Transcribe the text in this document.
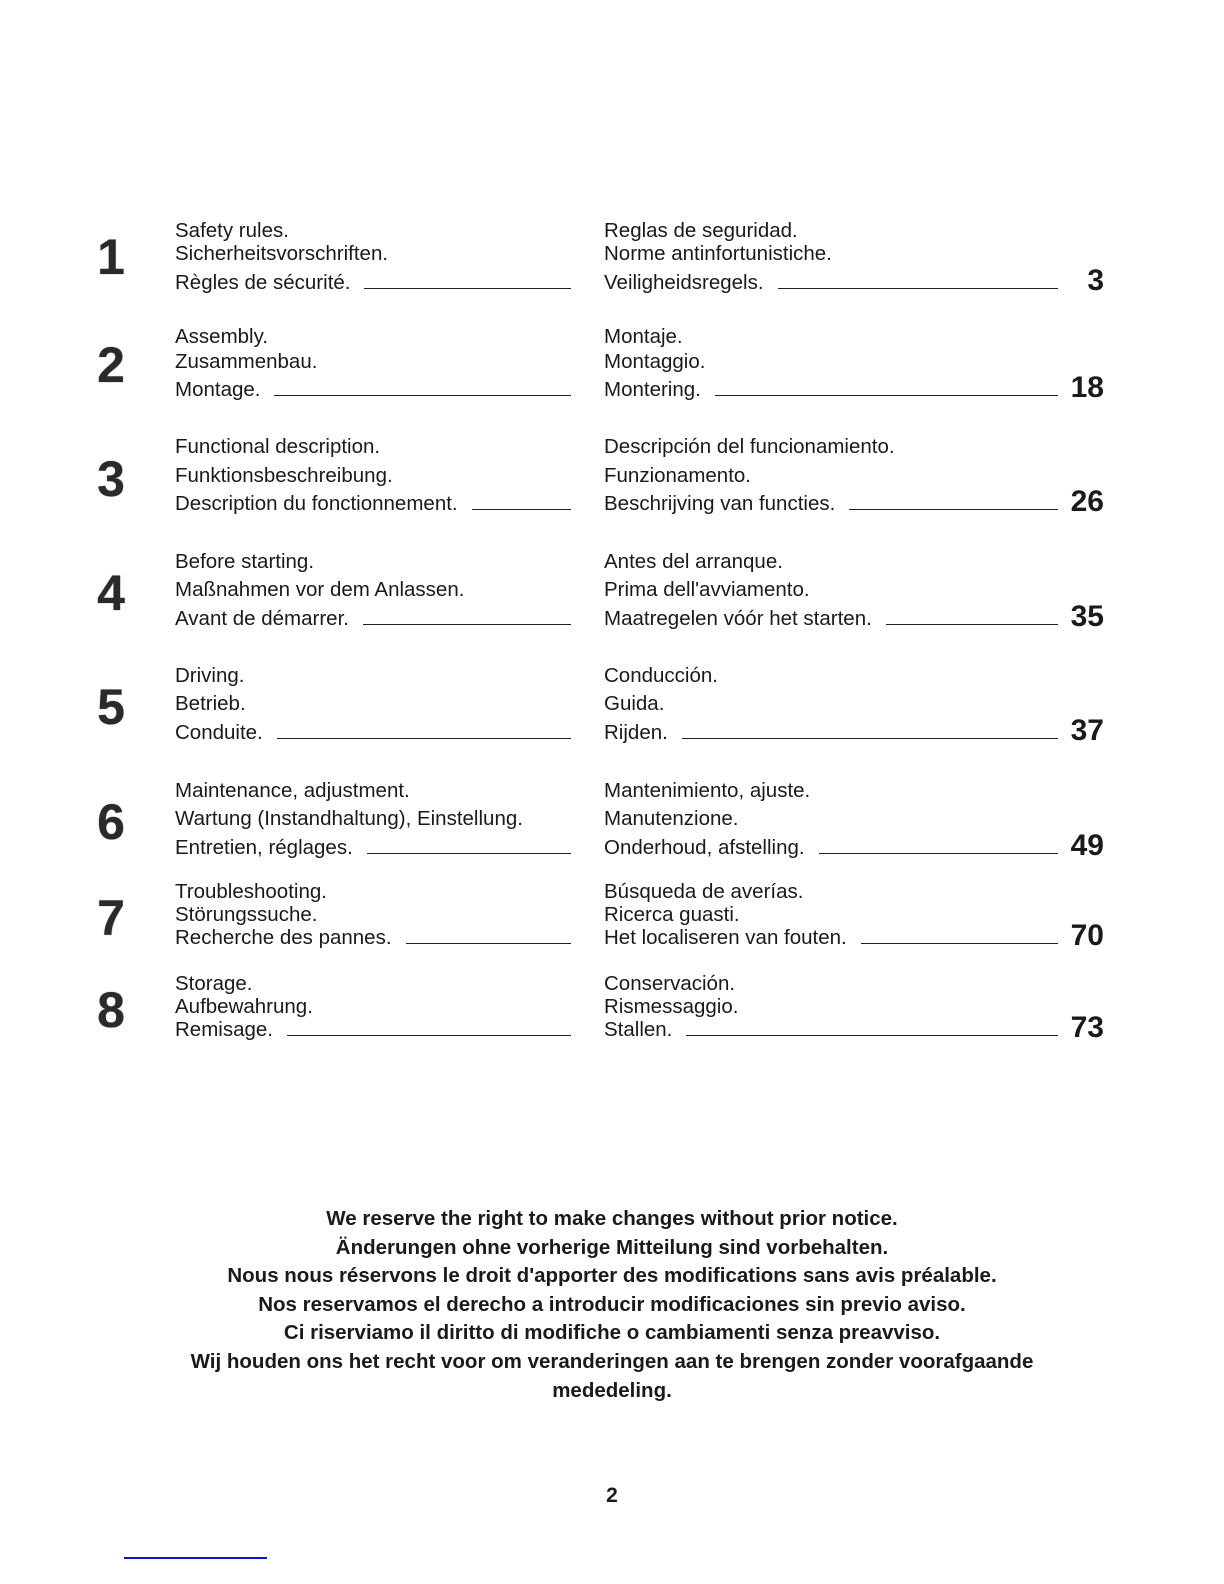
1	Safety rules.
Sicherheitsvorschriften.
Règles de sécurité.
Reglas de seguridad.
Norme antinfortunistiche.
Veiligheidsregels.	3
2
Assembly.
Zusammenbau.
Montage.
Montaje.
Montaggio.
Montering.	18
3
Functional description.
Funktionsbeschreibung.
Description du fonctionnement.
Descripción del funcionamiento.
Funzionamento.
Beschrijving van functies.	26
4
Before starting.
Maßnahmen vor dem Anlassen.
Avant de démarrer.
Antes del arranque.
Prima dell'avviamento.
Maatregelen vóór het starten.	35
5
Driving.
Betrieb.
Conduite.
Conducción.
Guida.
Rijden.	37
6
Maintenance, adjustment.
Wartung (Instandhaltung), Einstellung.
Entretien, réglages.
Mantenimiento, ajuste.
Manutenzione.
Onderhoud, afstelling.	49
7	Troubleshooting.
Störungssuche.
Recherche des pannes.
Búsqueda de averías.
Ricerca guasti.
Het localiseren van fouten.	70
8	Storage.
Aufbewahrung.
Remisage.
Conservación.
Rismessaggio.
Stallen.	73
We reserve the right to make changes without prior notice.
Änderungen ohne vorherige Mitteilung sind vorbehalten.
Nous nous réservons le droit d'apporter des modifications sans avis préalable.
Nos reservamos el derecho a introducir modificaciones sin previo aviso.
Ci riserviamo il diritto di modifiche o cambiamenti senza preavviso.
Wij houden ons het recht voor om veranderingen aan te brengen zonder voorafgaande
mededeling.
2
